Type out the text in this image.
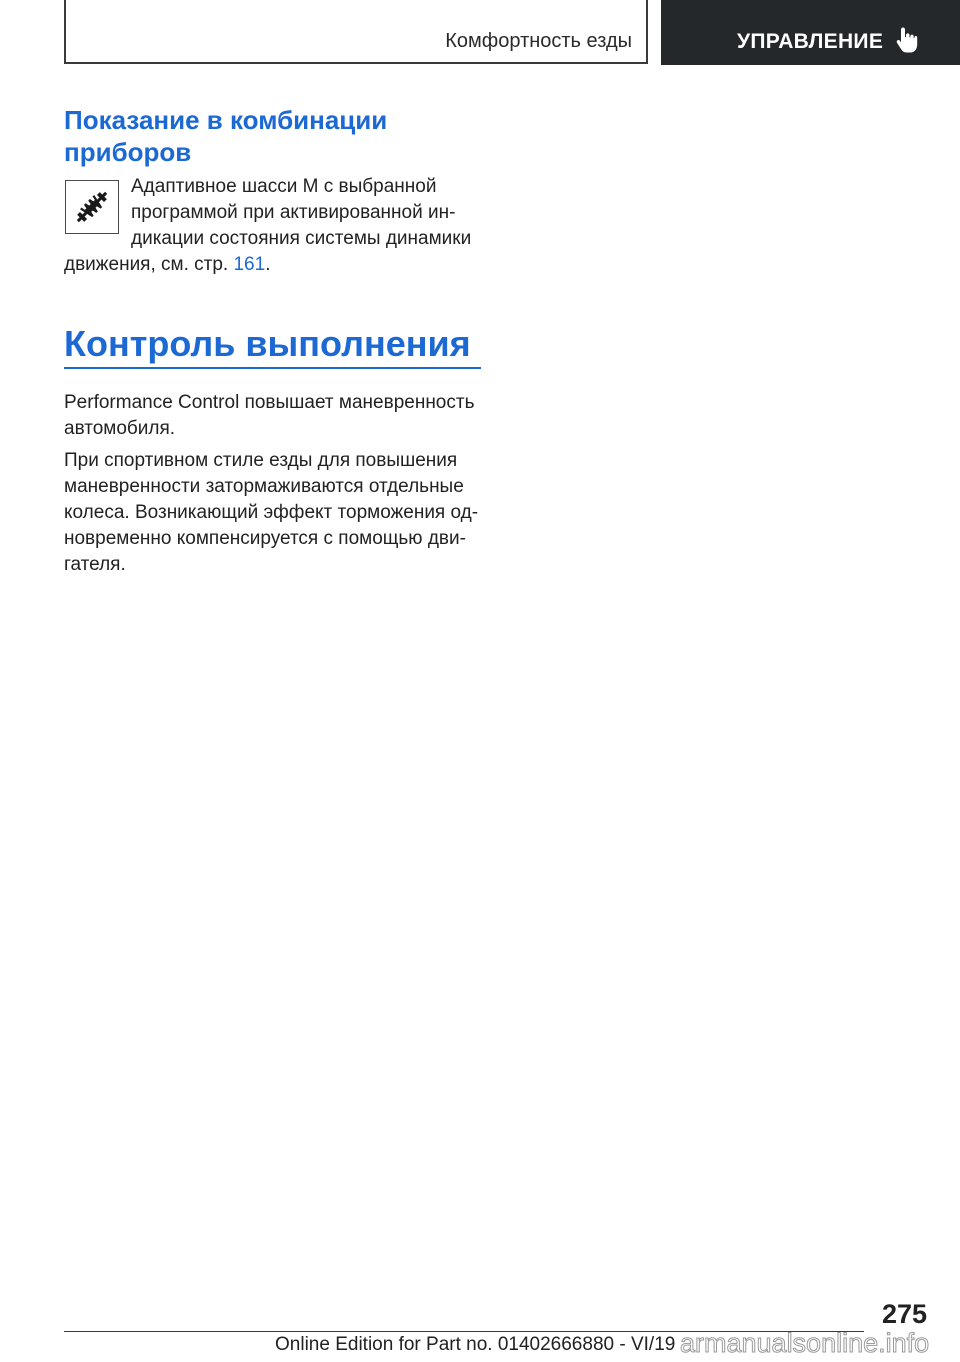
Комфортность езды	УПРАВЛЕНИЕ
Показание в комбинации приборов

Адаптивное шасси M с выбранной программой при активированной индикации состояния системы динамики движения, см. стр. 161.

Контроль выполнения

Performance Control повышает маневренность автомобиля.

При спортивном стиле езды для повышения маневренности затормаживаются отдельные колеса. Возникающий эффект торможения одновременно компенсируется с помощью двигателя.

275
Online Edition for Part no. 01402666880 - VI/19 armanualsonline.info
